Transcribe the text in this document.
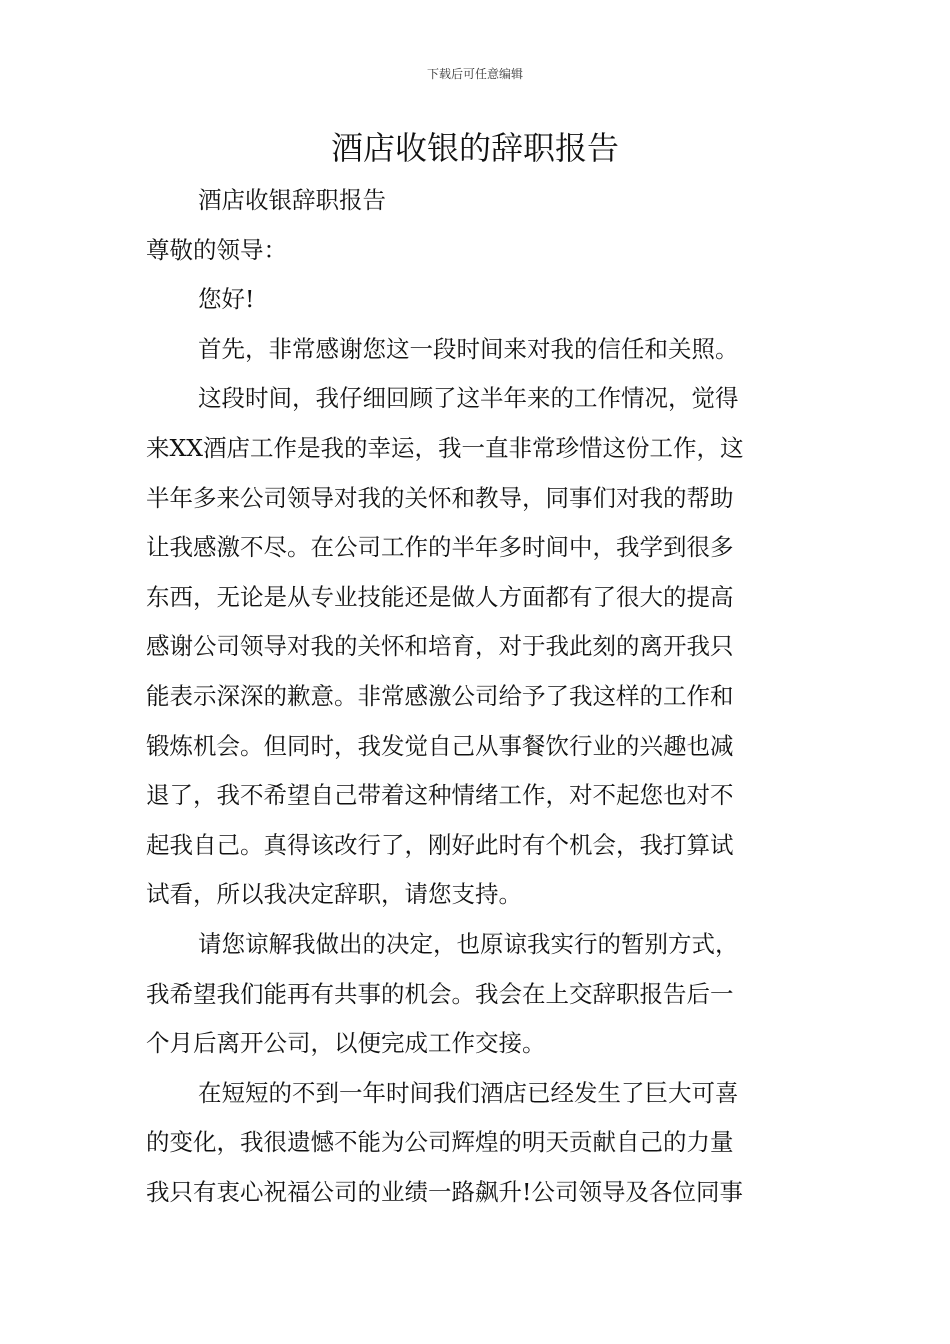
下载后可任意编辑
酒店收银的辞职报告
酒店收银辞职报告
尊敬的领导：
您好!
首先，非常感谢您这一段时间来对我的信任和关照。
这段时间，我仔细回顾了这半年来的工作情况，觉得
来XX酒店工作是我的幸运，我一直非常珍惜这份工作，这
半年多来公司领导对我的关怀和教导，同事们对我的帮助
让我感激不尽。在公司工作的半年多时间中，我学到很多
东西，无论是从专业技能还是做人方面都有了很大的提高
感谢公司领导对我的关怀和培育，对于我此刻的离开我只
能表示深深的歉意。非常感激公司给予了我这样的工作和
锻炼机会。但同时，我发觉自己从事餐饮行业的兴趣也减
退了，我不希望自己带着这种情绪工作，对不起您也对不
起我自己。真得该改行了，刚好此时有个机会，我打算试
试看，所以我决定辞职，请您支持。
请您谅解我做出的决定，也原谅我实行的暂别方式，
我希望我们能再有共事的机会。我会在上交辞职报告后一
个月后离开公司，以便完成工作交接。
在短短的不到一年时间我们酒店已经发生了巨大可喜
的变化，我很遗憾不能为公司辉煌的明天贡献自己的力量
我只有衷心祝福公司的业绩一路飙升!公司领导及各位同事
